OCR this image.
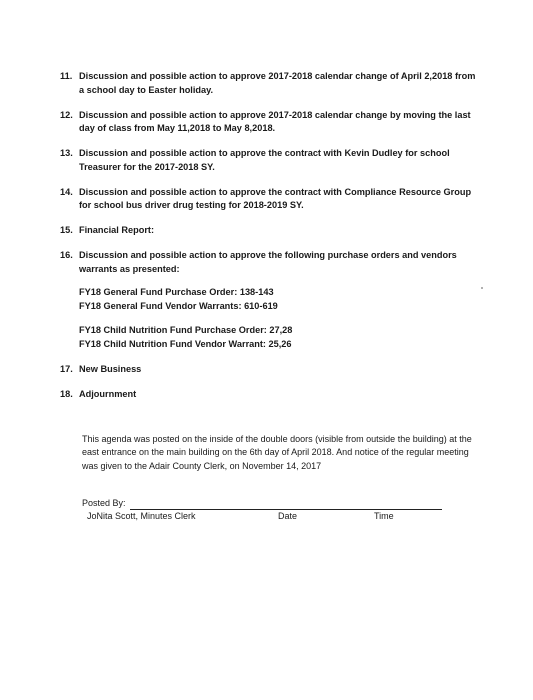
11. Discussion and possible action to approve 2017-2018 calendar change of April 2,2018 from a school day to Easter holiday.
12. Discussion and possible action to approve 2017-2018 calendar change by moving the last day of class from May 11,2018 to May 8,2018.
13. Discussion and possible action to approve the contract with Kevin Dudley for school Treasurer for the 2017-2018 SY.
14. Discussion and possible action to approve the contract with Compliance Resource Group for school bus driver drug testing for 2018-2019 SY.
15. Financial Report:
16. Discussion and possible action to approve the following purchase orders and vendors warrants as presented:
FY18 General Fund Purchase Order: 138-143
FY18 General Fund Vendor Warrants: 610-619
FY18 Child Nutrition Fund Purchase Order: 27,28
FY18 Child Nutrition Fund Vendor Warrant: 25,26
17. New Business
18. Adjournment

This agenda was posted on the inside of the double doors (visible from outside the building) at the east entrance on the main building on the 6th day of April 2018. And notice of the regular meeting was given to the Adair County Clerk, on November 14, 2017

Posted By:
JoNita Scott, Minutes Clerk	Date	Time
